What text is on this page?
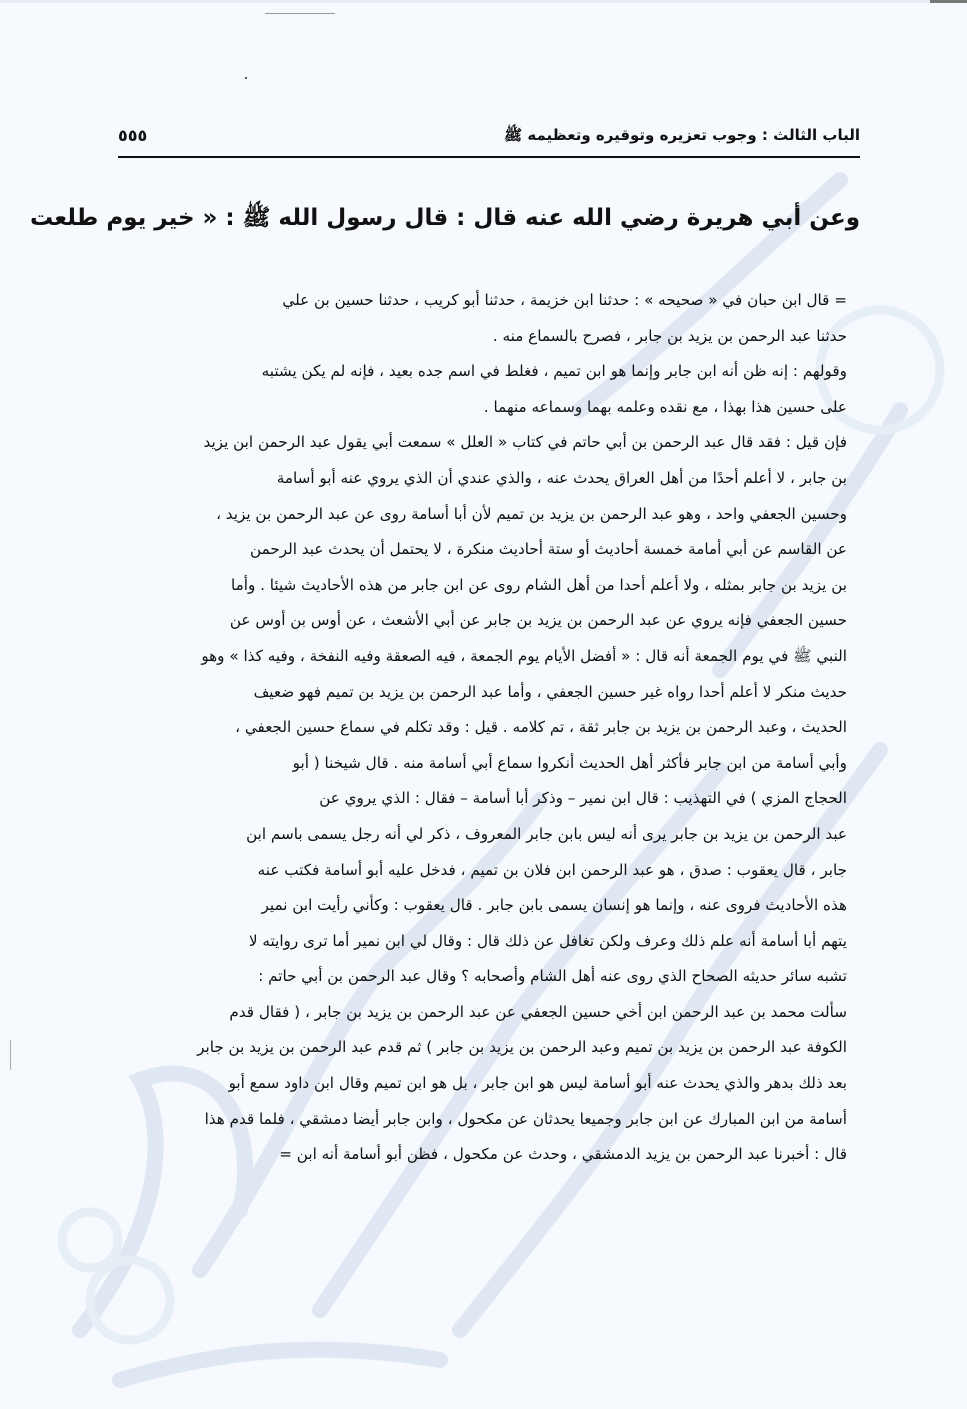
الباب الثالث : وجوب تعزيره وتوقيره وتعظيمه ﷺ
٥٥٥
وعن أبي هريرة رضي الله عنه قال : قال رسول الله ﷺ : « خير يوم طلعت

= قال ابن حبان في « صحيحه » : حدثنا ابن خزيمة ، حدثنا أبو كريب ، حدثنا حسين بن علي

حدثنا عبد الرحمن بن يزيد بن جابر ، فصرح بالسماع منه .

وقولهم : إنه ظن أنه ابن جابر وإنما هو ابن تميم ، فغلط في اسم جده بعيد ، فإنه لم يكن يشتبه

على حسين هذا بهذا ، مع نقده وعلمه بهما وسماعه منهما .

فإن قيل : فقد قال عبد الرحمن بن أبي حاتم في كتاب « العلل » سمعت أبي يقول عبد الرحمن ابن يزيد

بن جابر ، لا أعلم أحدًا من أهل العراق يحدث عنه ، والذي عندي أن الذي يروي عنه أبو أسامة

وحسين الجعفي واحد ، وهو عبد الرحمن بن يزيد بن تميم لأن أبا أسامة روى عن عبد الرحمن بن يزيد ،

عن القاسم عن أبي أمامة خمسة أحاديث أو ستة أحاديث منكرة ، لا يحتمل أن يحدث عبد الرحمن

بن يزيد بن جابر بمثله ، ولا أعلم أحدا من أهل الشام روى عن ابن جابر من هذه الأحاديث شيئا . وأما

حسين الجعفي فإنه يروي عن عبد الرحمن بن يزيد بن جابر عن أبي الأشعث ، عن أوس بن أوس عن

النبي ﷺ في يوم الجمعة أنه قال : « أفضل الأيام يوم الجمعة ، فيه الصعقة وفيه النفخة ، وفيه كذا » وهو

حديث منكر لا أعلم أحدا رواه غير حسين الجعفي ، وأما عبد الرحمن بن يزيد بن تميم فهو ضعيف

الحديث ، وعبد الرحمن بن يزيد بن جابر ثقة ، تم كلامه . قيل : وقد تكلم في سماع حسين الجعفي ،

وأبي أسامة من ابن جابر فأكثر أهل الحديث أنكروا سماع أبي أسامة منه . قال شيخنا ( أبو

الحجاج المزي ) في التهذيب : قال ابن نمير – وذكر أبا أسامة – فقال : الذي يروي عن

عبد الرحمن بن يزيد بن جابر يرى أنه ليس بابن جابر المعروف ، ذكر لي أنه رجل يسمى باسم ابن

جابر ، قال يعقوب : صدق ، هو عبد الرحمن ابن فلان بن تميم ، فدخل عليه أبو أسامة فكتب عنه

هذه الأحاديث فروى عنه ، وإنما هو إنسان يسمى بابن جابر . قال يعقوب : وكأني رأيت ابن نمير

يتهم أبا أسامة أنه علم ذلك وعرف ولكن تغافل عن ذلك قال : وقال لي ابن نمير أما ترى روايته لا

تشبه سائر حديثه الصحاح الذي روى عنه أهل الشام وأصحابه ؟ وقال عبد الرحمن بن أبي حاتم :

سألت محمد بن عبد الرحمن ابن أخي حسين الجعفي عن عبد الرحمن بن يزيد بن جابر ، ( فقال قدم

الكوفة عبد الرحمن بن يزيد بن تميم وعبد الرحمن بن يزيد بن جابر ) ثم قدم عبد الرحمن بن يزيد بن جابر

بعد ذلك بدهر والذي يحدث عنه أبو أسامة ليس هو ابن جابر ، بل هو ابن تميم وقال ابن داود سمع أبو

أسامة من ابن المبارك عن ابن جابر وجميعا يحدثان عن مكحول ، وابن جابر أيضا دمشقي ، فلما قدم هذا

قال : أخبرنا عبد الرحمن بن يزيد الدمشقي ، وحدث عن مكحول ، فظن أبو أسامة أنه ابن =
